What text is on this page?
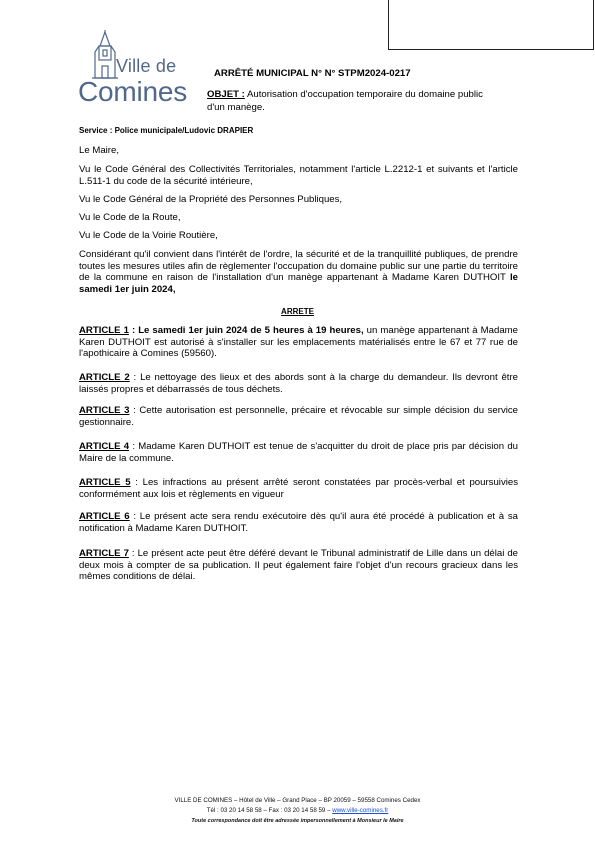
Ville de
Comines
ARRÊTÉ MUNICIPAL N° N° STPM2024-0217
OBJET : Autorisation d'occupation temporaire du domaine public d'un manège.
Service : Police municipale/Ludovic DRAPIER
Le Maire,
Vu le Code Général des Collectivités Territoriales, notamment l'article L.2212-1 et suivants et l'article L.511-1 du code de la sécurité intérieure,
Vu le Code Général de la Propriété des Personnes Publiques,
Vu le Code de la Route,
Vu le Code de la Voirie Routière,
Considérant qu'il convient dans l'intérêt de l'ordre, la sécurité et de la tranquillité publiques, de prendre toutes les mesures utiles afin de règlementer l'occupation du domaine public sur une partie du territoire de la commune en raison de l'installation d'un manège appartenant à Madame Karen DUTHOIT le samedi 1er juin 2024,
ARRETE
ARTICLE 1 : Le samedi 1er juin 2024 de 5 heures à 19 heures, un manège appartenant à Madame Karen DUTHOIT est autorisé à s'installer sur les emplacements matérialisés entre le 67 et 77 rue de l'apothicaire à Comines (59560).
ARTICLE 2 : Le nettoyage des lieux et des abords sont à la charge du demandeur. Ils devront être laissés propres et débarrassés de tous déchets.
ARTICLE 3 : Cette autorisation est personnelle, précaire et révocable sur simple décision du service gestionnaire.
ARTICLE 4 : Madame Karen DUTHOIT est tenue de s'acquitter du droit de place pris par décision du Maire de la commune.
ARTICLE 5 : Les infractions au présent arrêté seront constatées par procès-verbal et poursuivies conformément aux lois et règlements en vigueur
ARTICLE 6 : Le présent acte sera rendu exécutoire dès qu'il aura été procédé à publication et à sa notification à Madame Karen DUTHOIT.
ARTICLE 7 : Le présent acte peut être déféré devant le Tribunal administratif de Lille dans un délai de deux mois à compter de sa publication. Il peut également faire l'objet d'un recours gracieux dans les mêmes conditions de délai.
VILLE DE COMINES – Hôtel de Ville – Grand Place – BP 20059 – 59558 Comines Cedex
Tél : 03 20 14 58 58 – Fax : 03 20 14 58 59 – www.ville-comines.fr
Toute correspondance doit être adressée impersonnellement à Monsieur le Maire
